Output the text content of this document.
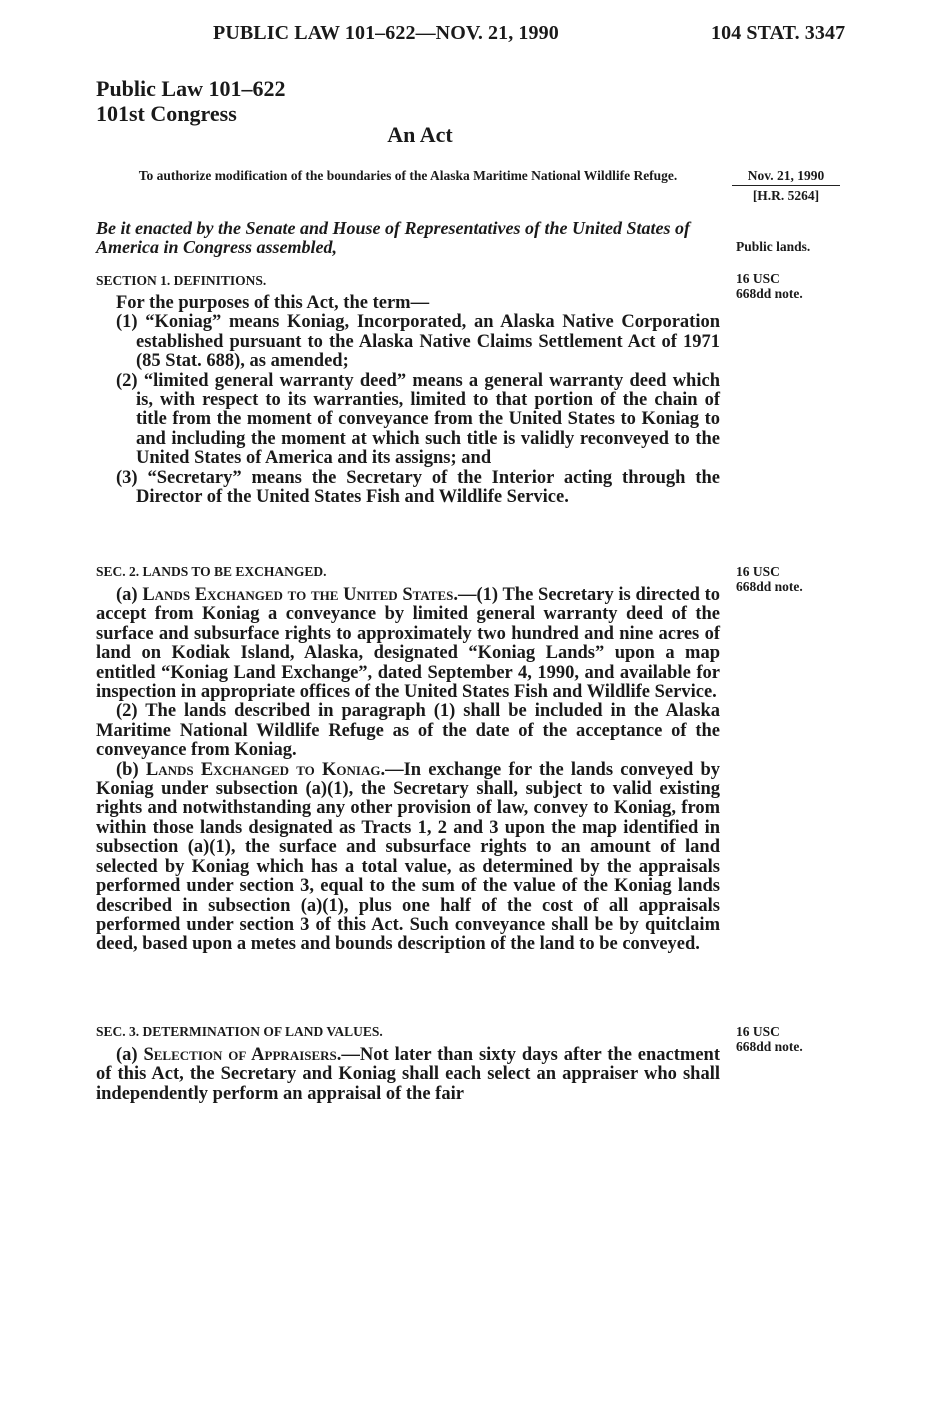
PUBLIC LAW 101–622—NOV. 21, 1990	104 STAT. 3347
Public Law 101–622
101st Congress
An Act
To authorize modification of the boundaries of the Alaska Maritime National Wildlife Refuge.	Nov. 21, 1990
[H.R. 5264]
Be it enacted by the Senate and House of Representatives of the United States of America in Congress assembled,	Public lands.
16 USC 668dd note.
16 USC 668dd note.
16 USC 668dd note.
SECTION 1. DEFINITIONS.

For the purposes of this Act, the term—

(1) “Koniag” means Koniag, Incorporated, an Alaska Native Corporation established pursuant to the Alaska Native Claims Settlement Act of 1971 (85 Stat. 688), as amended;

(2) “limited general warranty deed” means a general warranty deed which is, with respect to its warranties, limited to that portion of the chain of title from the moment of conveyance from the United States to Koniag to and including the moment at which such title is validly reconveyed to the United States of America and its assigns; and

(3) “Secretary” means the Secretary of the Interior acting through the Director of the United States Fish and Wildlife Service.

SEC. 2. LANDS TO BE EXCHANGED.

(a) Lands Exchanged to the United States.—(1) The Secretary is directed to accept from Koniag a conveyance by limited general warranty deed of the surface and subsurface rights to approximately two hundred and nine acres of land on Kodiak Island, Alaska, designated “Koniag Lands” upon a map entitled “Koniag Land Exchange”, dated September 4, 1990, and available for inspection in appropriate offices of the United States Fish and Wildlife Service.

(2) The lands described in paragraph (1) shall be included in the Alaska Maritime National Wildlife Refuge as of the date of the acceptance of the conveyance from Koniag.

(b) Lands Exchanged to Koniag.—In exchange for the lands conveyed by Koniag under subsection (a)(1), the Secretary shall, subject to valid existing rights and notwithstanding any other provision of law, convey to Koniag, from within those lands designated as Tracts 1, 2 and 3 upon the map identified in subsection (a)(1), the surface and subsurface rights to an amount of land selected by Koniag which has a total value, as determined by the appraisals performed under section 3, equal to the sum of the value of the Koniag lands described in subsection (a)(1), plus one half of the cost of all appraisals performed under section 3 of this Act. Such conveyance shall be by quitclaim deed, based upon a metes and bounds description of the land to be conveyed.

SEC. 3. DETERMINATION OF LAND VALUES.

(a) Selection of Appraisers.—Not later than sixty days after the enactment of this Act, the Secretary and Koniag shall each select an appraiser who shall independently perform an appraisal of the fair
